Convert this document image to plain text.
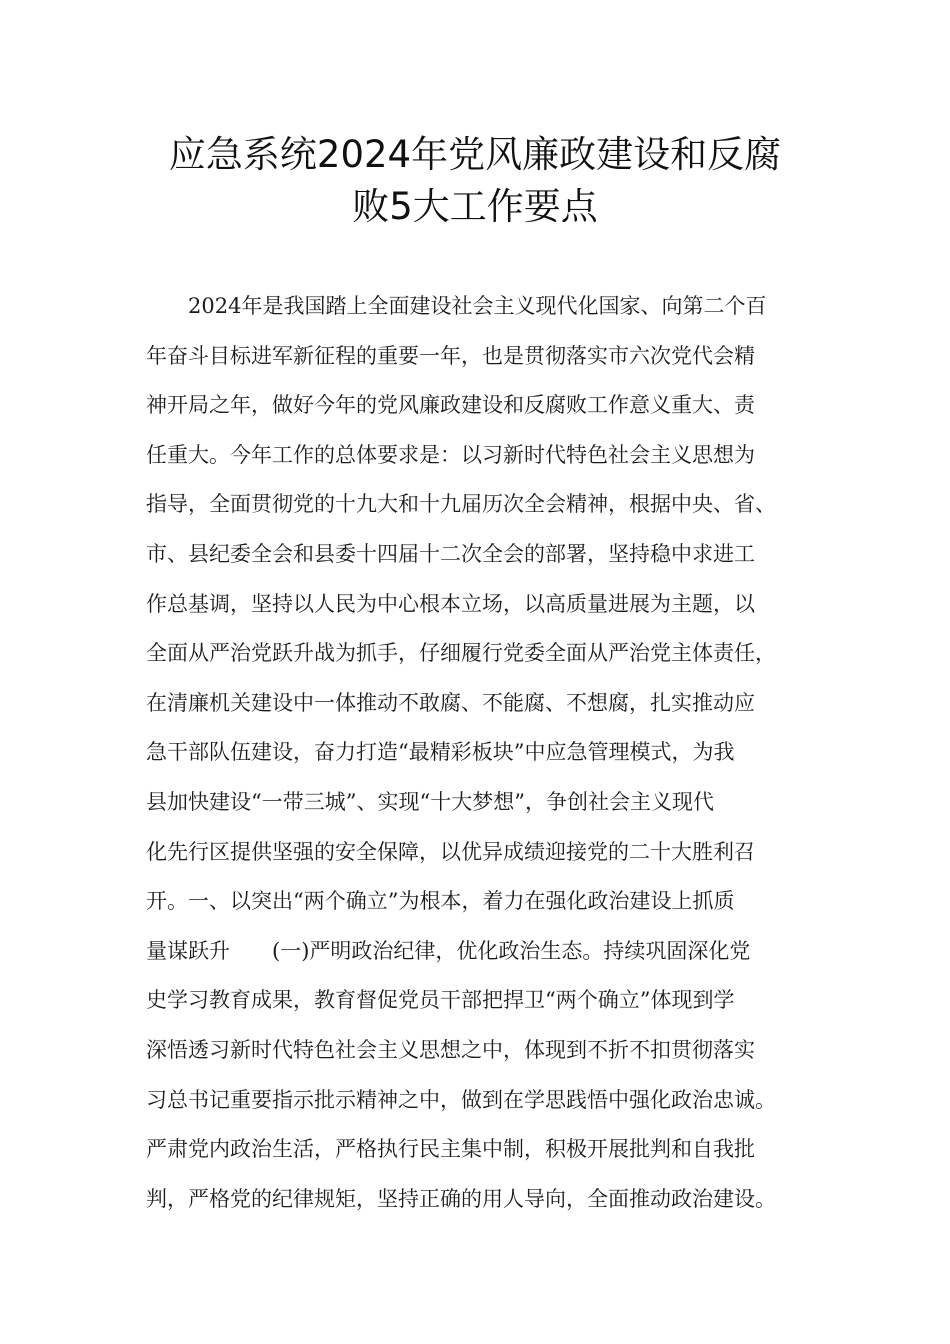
应急系统2024年党风廉政建设和反腐
败5大工作要点
　　2024年是我国踏上全面建设社会主义现代化国家、向第二个百
年奋斗目标进军新征程的重要一年，也是贯彻落实市六次党代会精
神开局之年，做好今年的党风廉政建设和反腐败工作意义重大、责
任重大。今年工作的总体要求是：以习新时代特色社会主义思想为
指导，全面贯彻党的十九大和十九届历次全会精神，根据中央、省、
市、县纪委全会和县委十四届十二次全会的部署，坚持稳中求进工
作总基调，坚持以人民为中心根本立场，以高质量进展为主题，以
全面从严治党跃升战为抓手，仔细履行党委全面从严治党主体责任，
在清廉机关建设中一体推动不敢腐、不能腐、不想腐，扎实推动应
急干部队伍建设，奋力打造“最精彩板块”中应急管理模式，为我
县加快建设“一带三城”、实现“十大梦想”，争创社会主义现代
化先行区提供坚强的安全保障，以优异成绩迎接党的二十大胜利召
开。一、以突出“两个确立”为根本，着力在强化政治建设上抓质
量谋跃升　　(一)严明政治纪律，优化政治生态。持续巩固深化党
史学习教育成果，教育督促党员干部把捍卫“两个确立”体现到学
深悟透习新时代特色社会主义思想之中，体现到不折不扣贯彻落实
习总书记重要指示批示精神之中，做到在学思践悟中强化政治忠诚。
严肃党内政治生活，严格执行民主集中制，积极开展批判和自我批
判，严格党的纪律规矩，坚持正确的用人导向，全面推动政治建设。
